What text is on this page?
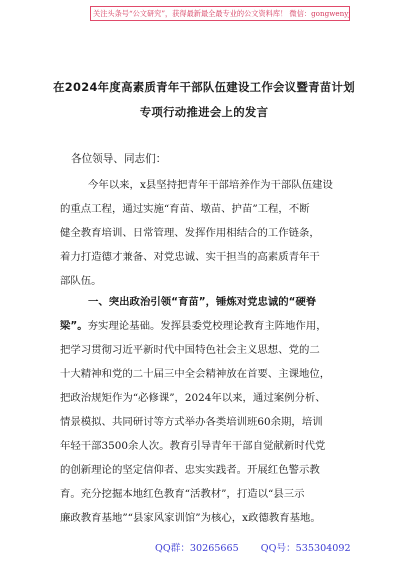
关注头条号“公文研究”，获得最新最全最专业的公文资料库！ 微信：gongwenyj
在2024年度高素质青年干部队伍建设工作会议暨青苗计划
专项行动推进会上的发言
各位领导、同志们：
今年以来，x县坚持把青年干部培养作为干部队伍建设
的重点工程，通过实施“育苗、墩苗、护苗”工程，不断
健全教育培训、日常管理、发挥作用相结合的工作链条，
着力打造德才兼备、对党忠诚、实干担当的高素质青年干
部队伍。
一、突出政治引领“育苗”，锤炼对党忠诚的“硬脊
梁”。夯实理论基础。发挥县委党校理论教育主阵地作用，
把学习贯彻习近平新时代中国特色社会主义思想、党的二
十大精神和党的二十届三中全会精神放在首要、主课地位，
把政治规矩作为“必修课”，2024年以来，通过案例分析、
情景模拟、共同研讨等方式举办各类培训班60余期，培训
年轻干部3500余人次。教育引导青年干部自觉献新时代党
的创新理论的坚定信仰者、忠实实践者。开展红色警示教
育。充分挖掘本地红色教育“活教材”，打造以“县三示
廉政教育基地”“县家风家训馆”为核心，x政德教育基地。
QQ群：30265665 QQ号：535304092
